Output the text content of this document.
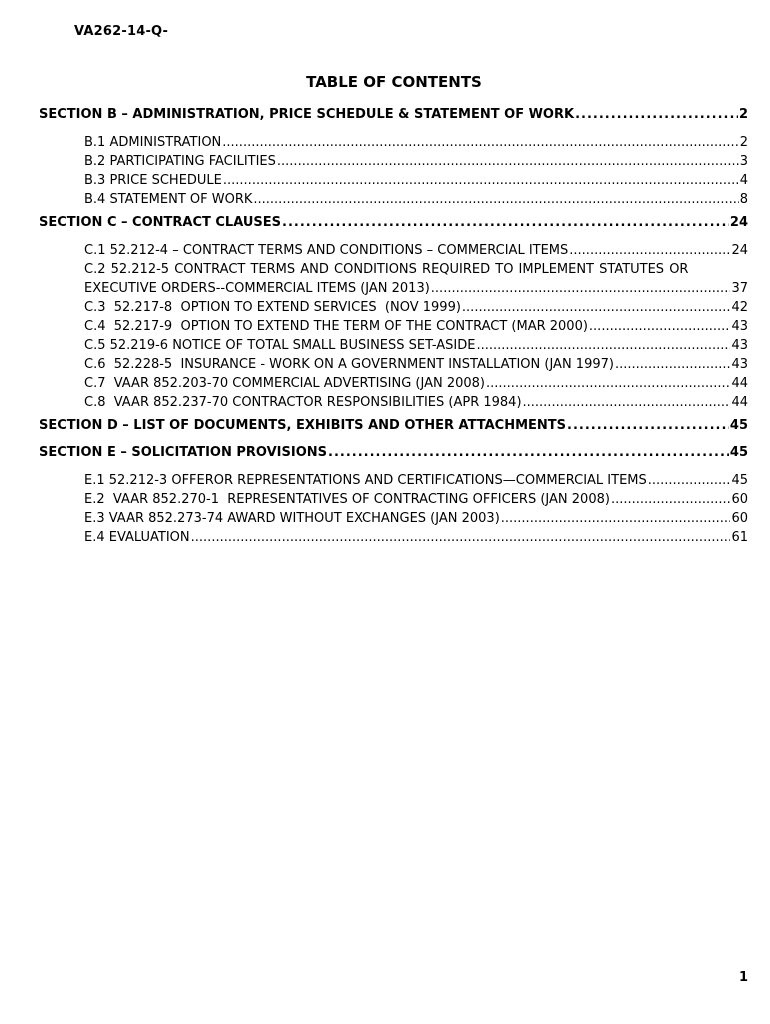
VA262-14-Q-
TABLE OF CONTENTS
SECTION B – ADMINISTRATION, PRICE SCHEDULE & STATEMENT OF WORK .....	2
B.1 ADMINISTRATION .....	2
B.2 PARTICIPATING FACILITIES .....	3
B.3 PRICE SCHEDULE .....	4
B.4 STATEMENT OF WORK .....	8
SECTION C – CONTRACT CLAUSES .....	24
C.1 52.212-4 – CONTRACT TERMS AND CONDITIONS – COMMERCIAL ITEMS .....	24
C.2 52.212-5 CONTRACT TERMS AND CONDITIONS REQUIRED TO IMPLEMENT STATUTES OR
EXECUTIVE ORDERS--COMMERCIAL ITEMS (JAN 2013) .....	37
C.3  52.217-8  OPTION TO EXTEND SERVICES  (NOV 1999) .....	42
C.4  52.217-9  OPTION TO EXTEND THE TERM OF THE CONTRACT (MAR 2000) .....	43
C.5 52.219-6 NOTICE OF TOTAL SMALL BUSINESS SET-ASIDE .....	43
C.6  52.228-5  INSURANCE - WORK ON A GOVERNMENT INSTALLATION (JAN 1997) .....	43
C.7  VAAR 852.203-70 COMMERCIAL ADVERTISING (JAN 2008) .....	44
C.8  VAAR 852.237-70 CONTRACTOR RESPONSIBILITIES (APR 1984) .....	44
SECTION D – LIST OF DOCUMENTS, EXHIBITS AND OTHER ATTACHMENTS .....	45
SECTION E – SOLICITATION PROVISIONS .....	45
E.1 52.212-3 OFFEROR REPRESENTATIONS AND CERTIFICATIONS—COMMERCIAL ITEMS .....	45
E.2  VAAR 852.270-1  REPRESENTATIVES OF CONTRACTING OFFICERS (JAN 2008) .....	60
E.3 VAAR 852.273-74 AWARD WITHOUT EXCHANGES (JAN 2003) .....	60
E.4 EVALUATION .....	61
1
